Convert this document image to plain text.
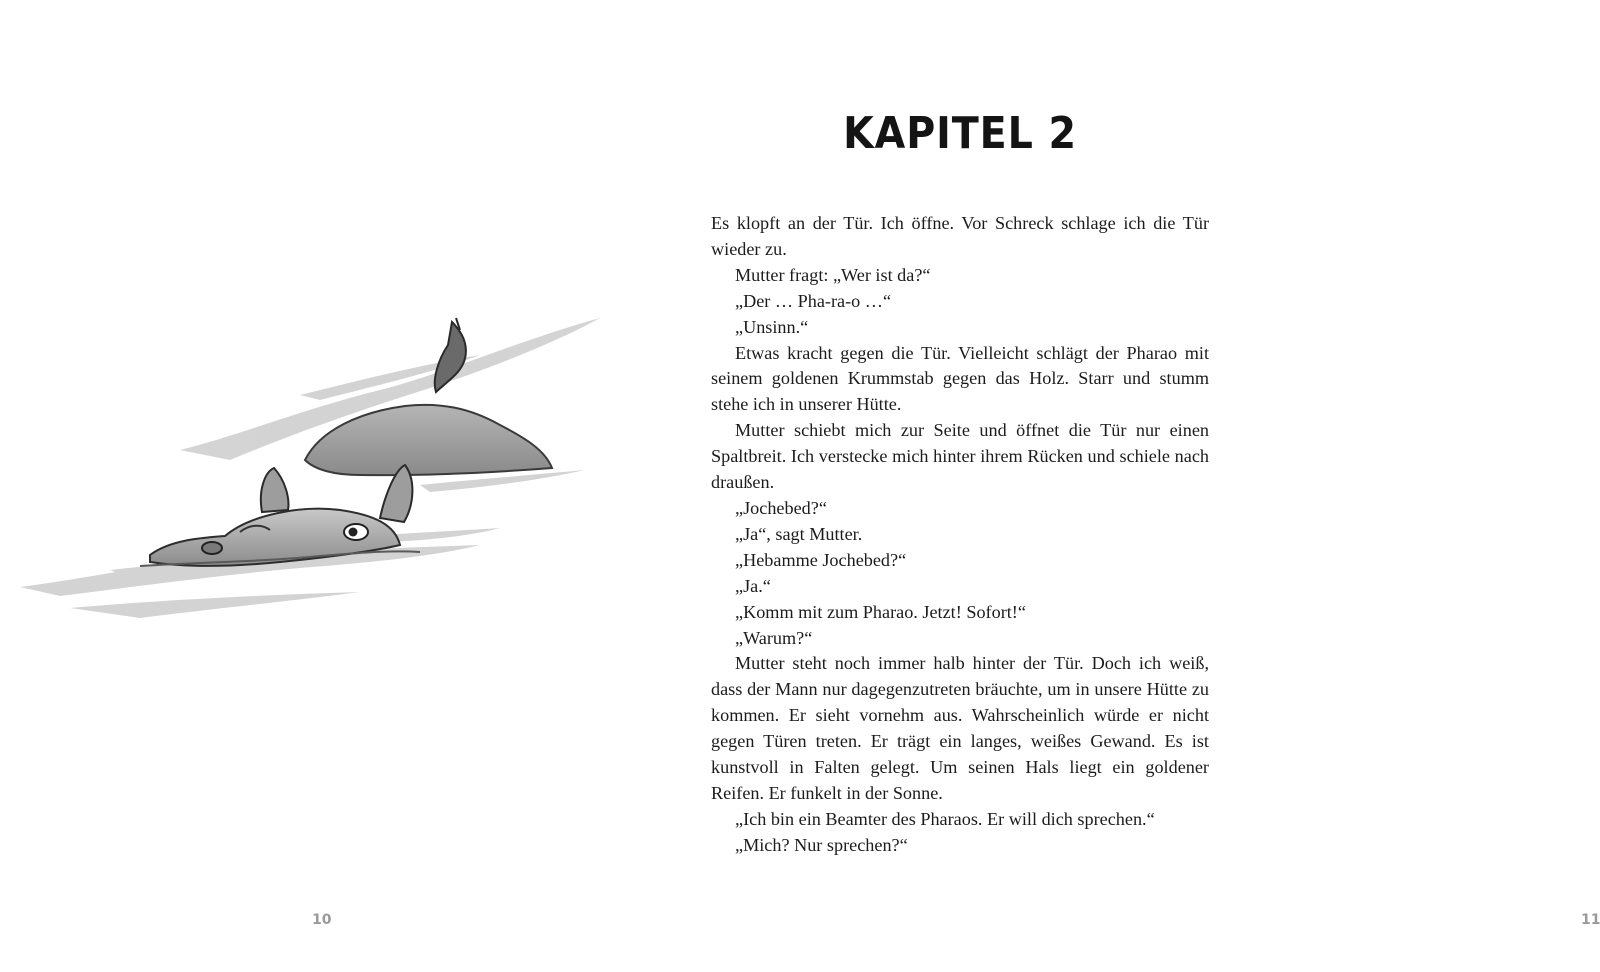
10
KAPITEL 2

Es klopft an der Tür. Ich öffne. Vor Schreck schlage ich die Tür wieder zu.

Mutter fragt: „Wer ist da?“

„Der … Pha-ra-o …“

„Unsinn.“

Etwas kracht gegen die Tür. Vielleicht schlägt der Pharao mit seinem goldenen Krummstab gegen das Holz. Starr und stumm stehe ich in unserer Hütte.

Mutter schiebt mich zur Seite und öffnet die Tür nur einen Spaltbreit. Ich verstecke mich hinter ihrem Rücken und schiele nach draußen.

„Jochebed?“

„Ja“, sagt Mutter.

„Hebamme Jochebed?“

„Ja.“

„Komm mit zum Pharao. Jetzt! Sofort!“

„Warum?“

Mutter steht noch immer halb hinter der Tür. Doch ich weiß, dass der Mann nur dagegenzutreten bräuchte, um in unsere Hütte zu kommen. Er sieht vornehm aus. Wahrscheinlich würde er nicht gegen Türen treten. Er trägt ein langes, weißes Gewand. Es ist kunstvoll in Falten gelegt. Um seinen Hals liegt ein goldener Reifen. Er funkelt in der Sonne.

„Ich bin ein Beamter des Pharaos. Er will dich sprechen.“

„Mich? Nur sprechen?“

11
